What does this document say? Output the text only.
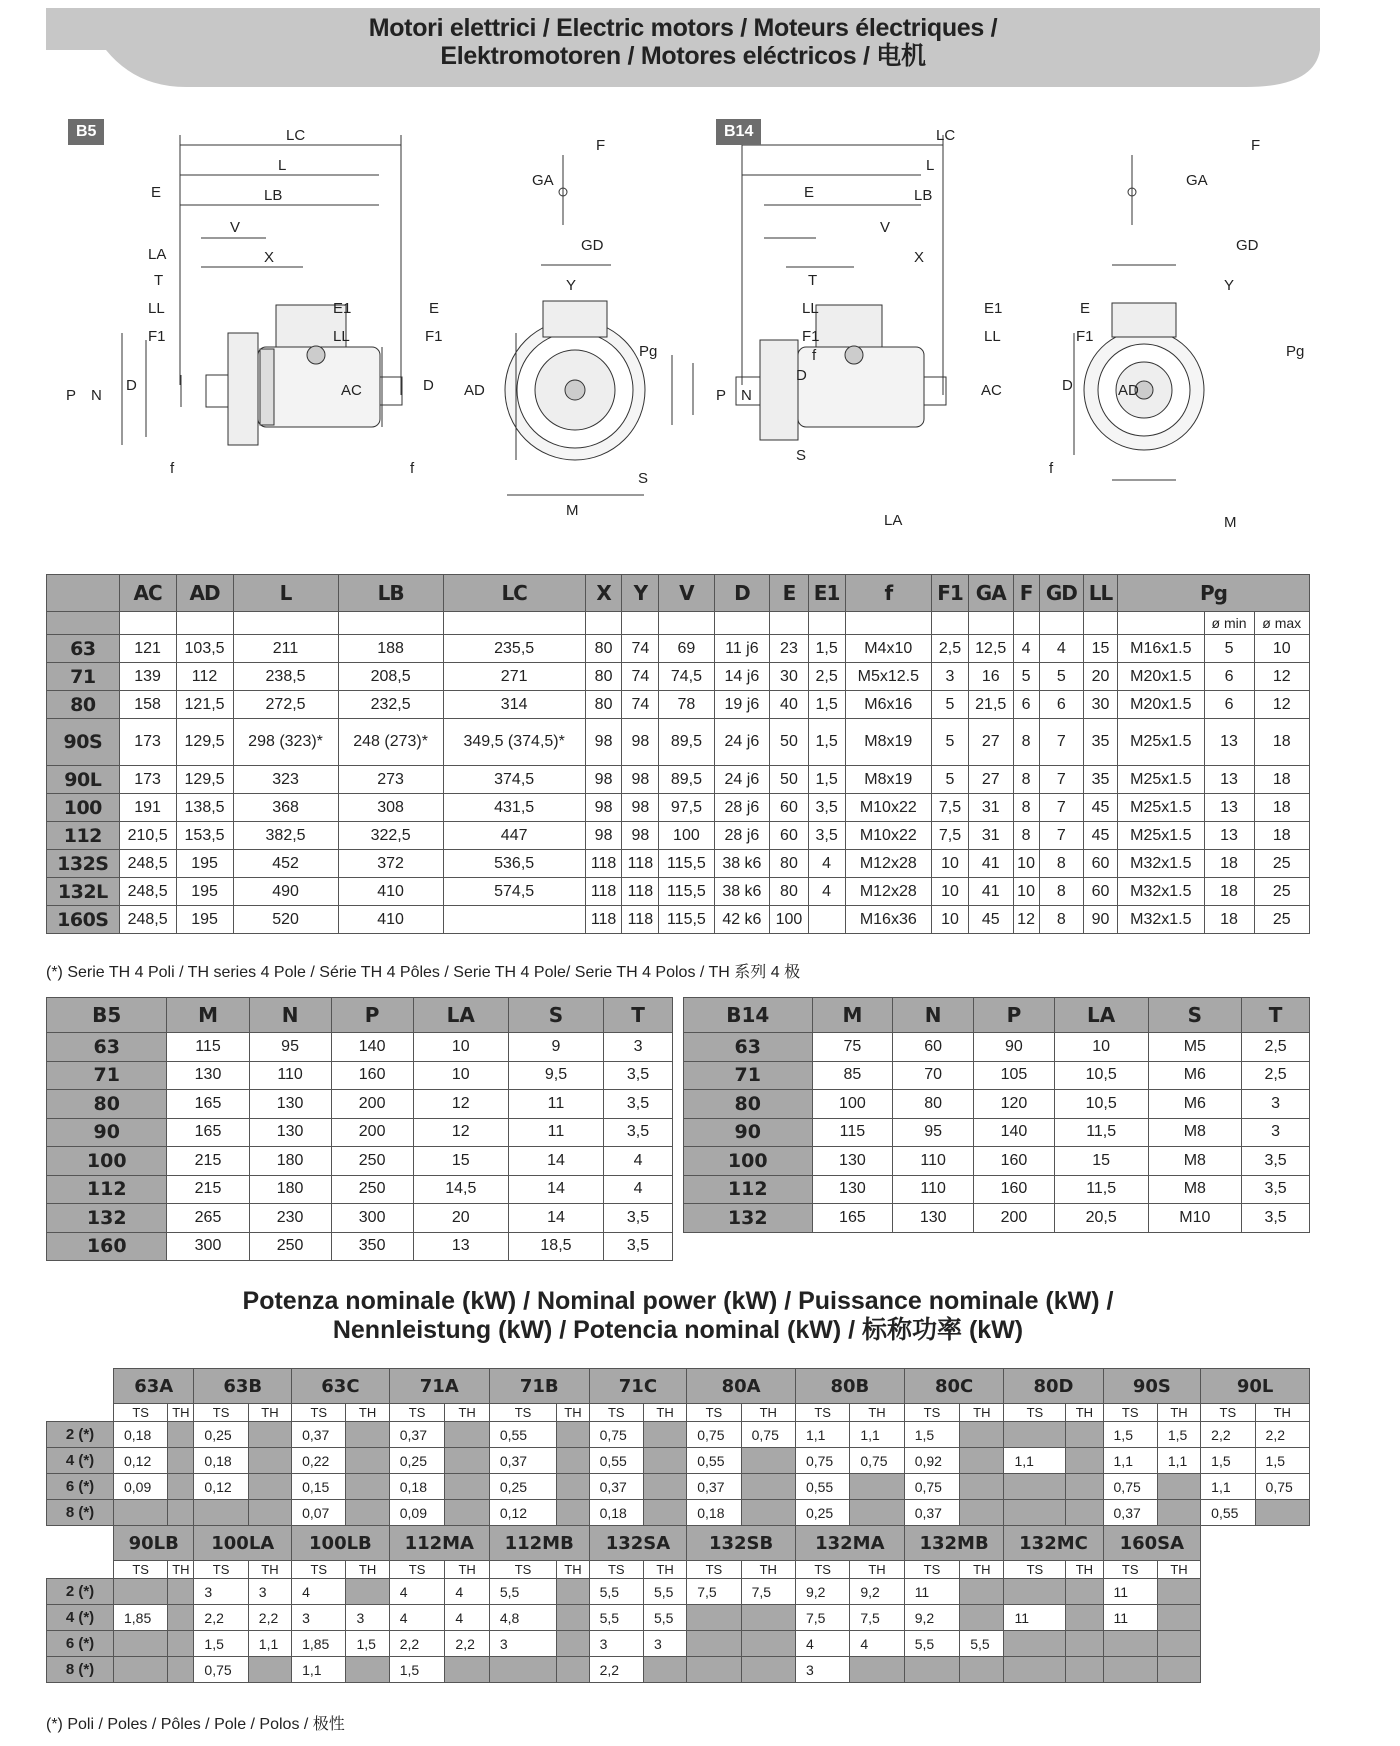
Motori elettrici / Electric motors / Moteurs électriques /
Elektromotoren / Motores eléctricos / 电机
B5	B14
LC
L
E	LB
V
LA	X
T
LL
F1
E1	E
LL	F1
P N
D	AC
f	f
D
F
GA
GD
Y
AD
Pg
S
M
LC
L
E	LB
V
X
T
LL
F1
E1	E
LL	F1
P N
D
AC	D
f
f
S
LA
F
GA
GD
Y
AD
Pg
M
	AC	AD	L	LB	LC	X	Y	V	D	E	E1	f	F1	GA	F	GD	LL	Pg		
																			ø min	ø max
63	121	103,5	211	188	235,5	80	74	69	11 j6	23	1,5	M4x10	2,5	12,5	4	4	15	M16x1.5	5	10
71	139	112	238,5	208,5	271	80	74	74,5	14 j6	30	2,5	M5x12.5	3	16	5	5	20	M20x1.5	6	12
80	158	121,5	272,5	232,5	314	80	74	78	19 j6	40	1,5	M6x16	5	21,5	6	6	30	M20x1.5	6	12
90S	173	129,5	298 (323)*	248 (273)*	349,5 (374,5)*	98	98	89,5	24 j6	50	1,5	M8x19	5	27	8	7	35	M25x1.5	13	18
90L	173	129,5	323	273	374,5	98	98	89,5	24 j6	50	1,5	M8x19	5	27	8	7	35	M25x1.5	13	18
100	191	138,5	368	308	431,5	98	98	97,5	28 j6	60	3,5	M10x22	7,5	31	8	7	45	M25x1.5	13	18
112	210,5	153,5	382,5	322,5	447	98	98	100	28 j6	60	3,5	M10x22	7,5	31	8	7	45	M25x1.5	13	18
132S	248,5	195	452	372	536,5	118	118	115,5	38 k6	80	4	M12x28	10	41	10	8	60	M32x1.5	18	25
132L	248,5	195	490	410	574,5	118	118	115,5	38 k6	80	4	M12x28	10	41	10	8	60	M32x1.5	18	25
160S	248,5	195	520	410		118	118	115,5	42 k6	100		M16x36	10	45	12	8	90	M32x1.5	18	25
(*) Serie TH 4 Poli / TH series 4 Pole / Série TH 4 Pôles / Serie TH 4 Pole/ Serie TH 4 Polos / TH 系列 4 极
B5	M	N	P	LA	S	T
63	115	95	140	10	9	3
71	130	110	160	10	9,5	3,5
80	165	130	200	12	11	3,5
90	165	130	200	12	11	3,5
100	215	180	250	15	14	4
112	215	180	250	14,5	14	4
132	265	230	300	20	14	3,5
160	300	250	350	13	18,5	3,5
B14	M	N	P	LA	S	T
63	75	60	90	10	M5	2,5
71	85	70	105	10,5	M6	2,5
80	100	80	120	10,5	M6	3
90	115	95	140	11,5	M8	3
100	130	110	160	15	M8	3,5
112	130	110	160	11,5	M8	3,5
132	165	130	200	20,5	M10	3,5
Potenza nominale (kW) / Nominal power (kW) / Puissance nominale (kW) /
Nennleistung (kW) / Potencia nominal (kW) / 标称功率 (kW)
	63A		63B		63C		71A		71B		71C		80A		80B		80C		80D		90S		90L	
	TS	TH	TS	TH	TS	TH	TS	TH	TS	TH	TS	TH	TS	TH	TS	TH	TS	TH	TS	TH	TS	TH	TS	TH
2 (*)	0,18		0,25		0,37		0,37		0,55		0,75		0,75	0,75	1,1	1,1	1,5				1,5	1,5	2,2	2,2
4 (*)	0,12		0,18		0,22		0,25		0,37		0,55		0,55		0,75	0,75	0,92		1,1		1,1	1,1	1,5	1,5
6 (*)	0,09		0,12		0,15		0,18		0,25		0,37		0,37		0,55		0,75				0,75		1,1	0,75
8 (*)					0,07		0,09		0,12		0,18		0,18		0,25		0,37				0,37		0,55	
	90LB		100LA		100LB		112MA		112MB		132SA		132SB		132MA		132MB		132MC		160SA			
	TS	TH	TS	TH	TS	TH	TS	TH	TS	TH	TS	TH	TS	TH	TS	TH	TS	TH	TS	TH	TS	TH		
2 (*)			3	3	4		4	4	5,5		5,5	5,5	7,5	7,5	9,2	9,2	11				11			
4 (*)	1,85		2,2	2,2	3	3	4	4	4,8		5,5	5,5			7,5	7,5	9,2		11		11			
6 (*)			1,5	1,1	1,85	1,5	2,2	2,2	3		3	3			4	4	5,5	5,5						
8 (*)			0,75		1,1		1,5				2,2				3									
(*) Poli / Poles / Pôles / Pole / Polos / 极性
